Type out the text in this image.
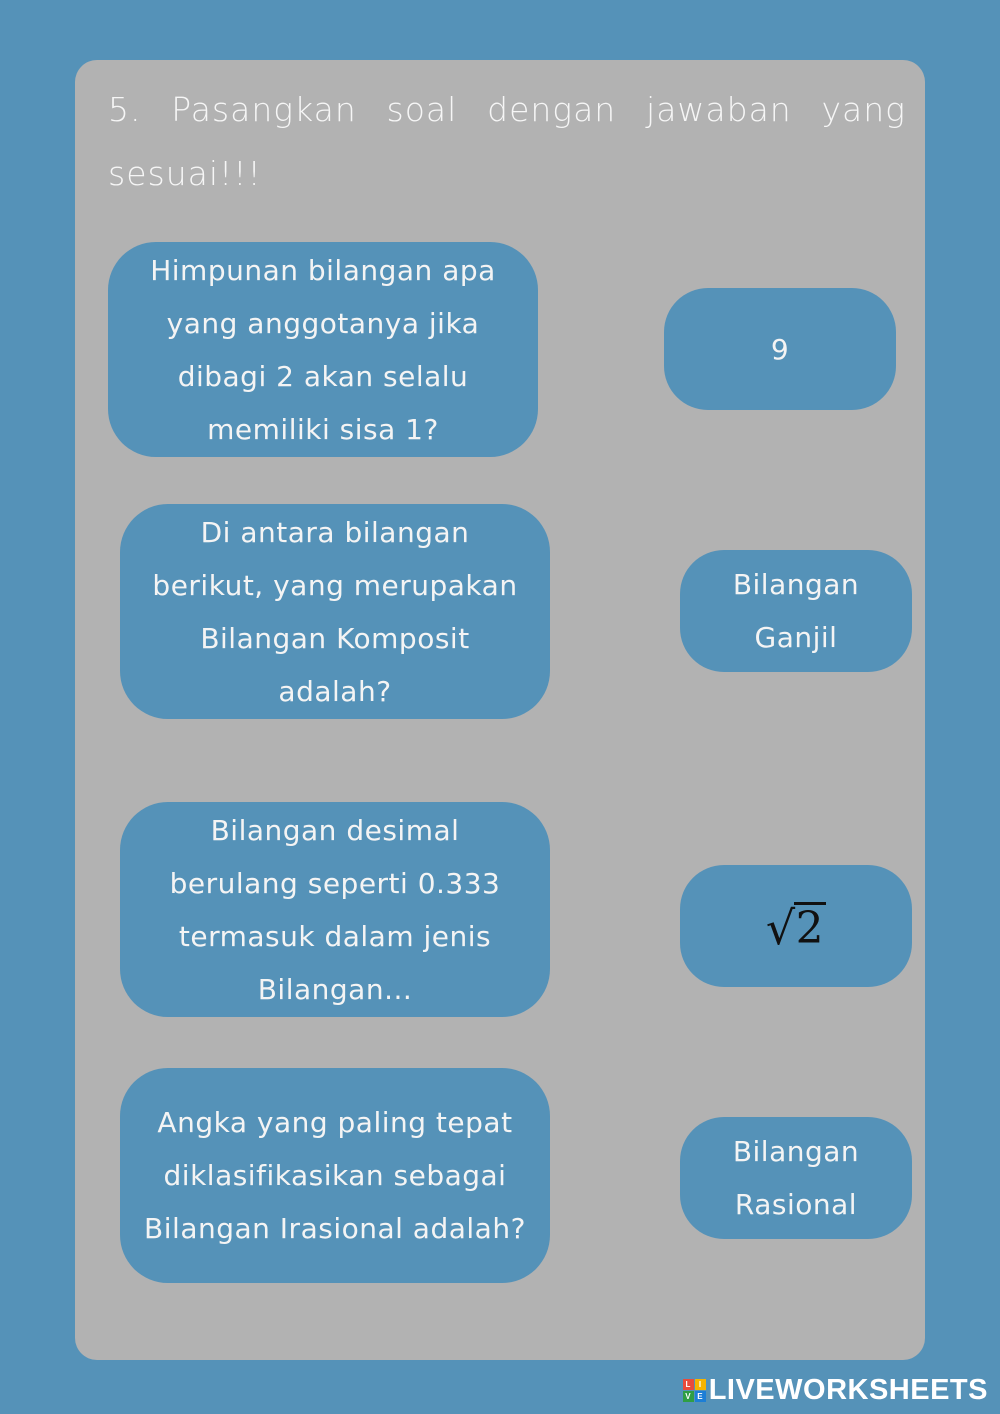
5. Pasangkan soal dengan jawaban yang sesuai!!!
Himpunan bilangan apa yang anggotanya jika dibagi 2 akan selalu memiliki sisa 1?
Di antara bilangan berikut, yang merupakan Bilangan Komposit adalah?
Bilangan desimal berulang seperti 0.333 termasuk dalam jenis Bilangan...
Angka yang paling tepat diklasifikasikan sebagai Bilangan Irasional adalah?
9
Bilangan Ganjil
√ 2
Bilangan Rasional
L I
V E LIVEWORKSHEETS
